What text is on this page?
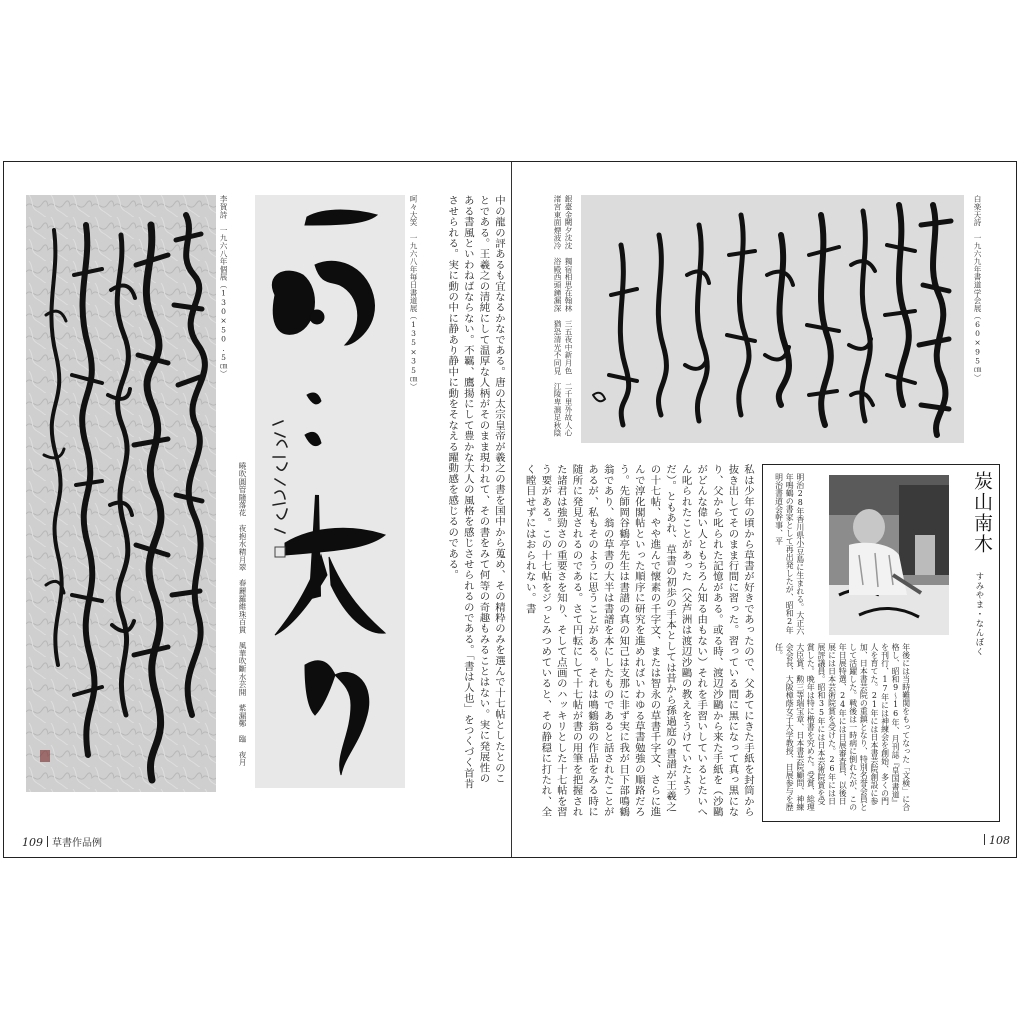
李賀詩　一九六八年個展（130×50.5㎝）
曉吹圓管隨落花　夜抱水精月翠　春麗羅維珠百貫　風華吹斷水芸開　紫漏鄭　臨　夜月
呵々大笑　一九六八年毎日書道展（135×35㎝）	中の龍の評あるも宜なるかなである。唐の太宗皇帝が羲之の書を国中から蒐め、その精粋のみを選んで十七帖としたとのことである。王羲之の清純にして温厚な人柄がそのまま現われて、その書をみて何等の奇趣もみることはない。実に発展性のある書風といわねばならない。不羈、鷹揚にして豊かな大人の風格を感じさせられるのである。「書は人也」をつくづく首肯させられる。実に動の中に静あり静中に動をそなえる躍動感を感じるのである。
109 草書作品例
私は少年の頃から草書が好きであったので、父あてにきた手紙を封筒から抜き出してそのまま行間に習った。習っている間に黒になって真っ黒になり、父から叱られた記憶がある。或る時、渡辺沙鷗から来た手紙を（沙鷗がどんな偉い人ともちろん知る由もない）それを手習いしているとたいへん叱られたことがあった（父芦洲は渡辺沙鷗の教えをうけていたようだ）。ともあれ、草書の初歩の手本としては昔から孫過庭の書譜が王羲之の十七帖、やや進んで懐素の千字文、または智永の草書千字文、さらに進んで淳化閣帖といった順序に研究を進めればいわゆる草書勉強の順路だろう。先師岡谷鶴亭先生は書譜の真の知己は支那に非ず実に我が日下部鳴鶴翁であり、翁の草書の大半は書譜を本にしたものであると話されたことがあるが、私もそのように思うことがある。それは鳴鶴翁の作品をみる時に随所に発見されるのである。さて円転にして十七帖が書の用筆を把握された諸君は強勁さの重要さを知り、そして点画のハッキリとした十七帖を習う要がある。この十七帖をジっとみつめていると、その静穏に打たれ、全く瞠目せずにはおられない。書
銀臺金闕夕沈沈　獨宿相思在翰林　三五夜中新月色　二千里外故人心　渚宮東面煙波冷　浴殿西頭鐘漏深　猶恐清光不同見　江陵卑濕足秋陰	白楽天詩　一九六九年書道学会展（60×95㎝）
明治28年香川県小豆島に生まれる。大正六年鳴鶴の書家として再出発したが、昭和2年明治書道会幹事、平	炭山南木
すみやま・なんぼく
年後には当時難関をもってなった「文検」に合格し、昭和9～16年、月刊誌『皇国書道』を刊行、17年には神練会を創始、多くの門人を育てた。21年には日本書芸院創設に参加、日本書芸院の重鎮となり、特別名誉会員として活躍した。戦後は一時病に倒れたが、この年日展特選、24年には日展審査員、以後日展には日本芸術院賞を受けた。26年には日展評議員。昭和35年には日本芸術院賞を受賞した。晩年は特に楷書を究めた。受賞、総理大臣賞、勲三等瑞宝章、日本書芸院顧問、神練会会長、大阪樟蔭女子大学教授、日展参与を歴任。
108
